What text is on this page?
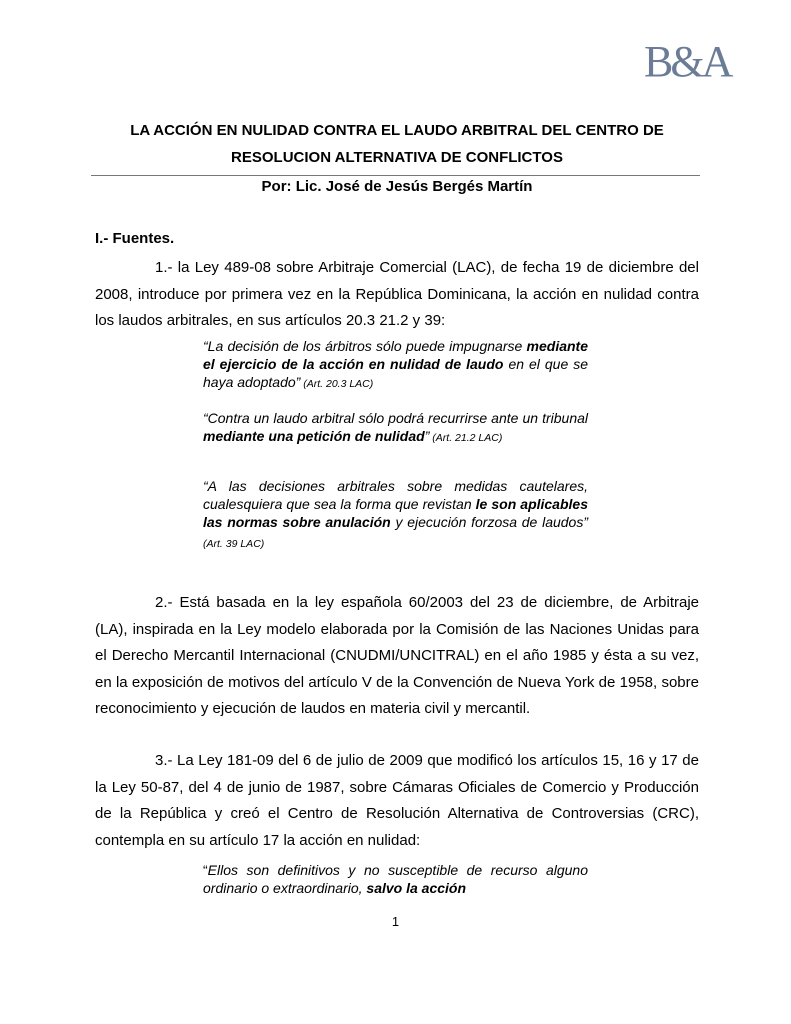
B&A
LA ACCIÓN EN NULIDAD CONTRA EL LAUDO ARBITRAL DEL CENTRO DE
RESOLUCION ALTERNATIVA DE CONFLICTOS
Por: Lic. José de Jesús Bergés Martín
I.- Fuentes.
1.- la Ley 489-08 sobre Arbitraje Comercial (LAC), de fecha 19 de diciembre del 2008, introduce por primera vez en la República Dominicana, la acción en nulidad contra los laudos arbitrales, en sus artículos 20.3 21.2 y 39:
“La decisión de los árbitros sólo puede impugnarse mediante el ejercicio de la acción en nulidad de laudo en el que se haya adoptado” (Art. 20.3 LAC)
“Contra un laudo arbitral sólo podrá recurrirse ante un tribunal mediante una petición de nulidad” (Art. 21.2 LAC)
“A las decisiones arbitrales sobre medidas cautelares, cualesquiera que sea la forma que revistan le son aplicables las normas sobre anulación y ejecución forzosa de laudos” (Art. 39 LAC)
2.- Está basada en la ley española 60/2003 del 23 de diciembre, de Arbitraje (LA), inspirada en la Ley modelo elaborada por la Comisión de las Naciones Unidas para el Derecho Mercantil Internacional (CNUDMI/UNCITRAL) en el año 1985 y ésta a su vez, en la exposición de motivos del artículo V de la Convención de Nueva York de 1958, sobre reconocimiento y ejecución de laudos en materia civil y mercantil.
3.- La Ley 181-09 del 6 de julio de 2009 que modificó los artículos 15, 16 y 17 de la Ley 50-87, del 4 de junio de 1987, sobre Cámaras Oficiales de Comercio y Producción de la República y creó el Centro de Resolución Alternativa de Controversias (CRC), contempla en su artículo 17 la acción en nulidad:
“Ellos son definitivos y no susceptible de recurso alguno ordinario o extraordinario, salvo la acción
1
